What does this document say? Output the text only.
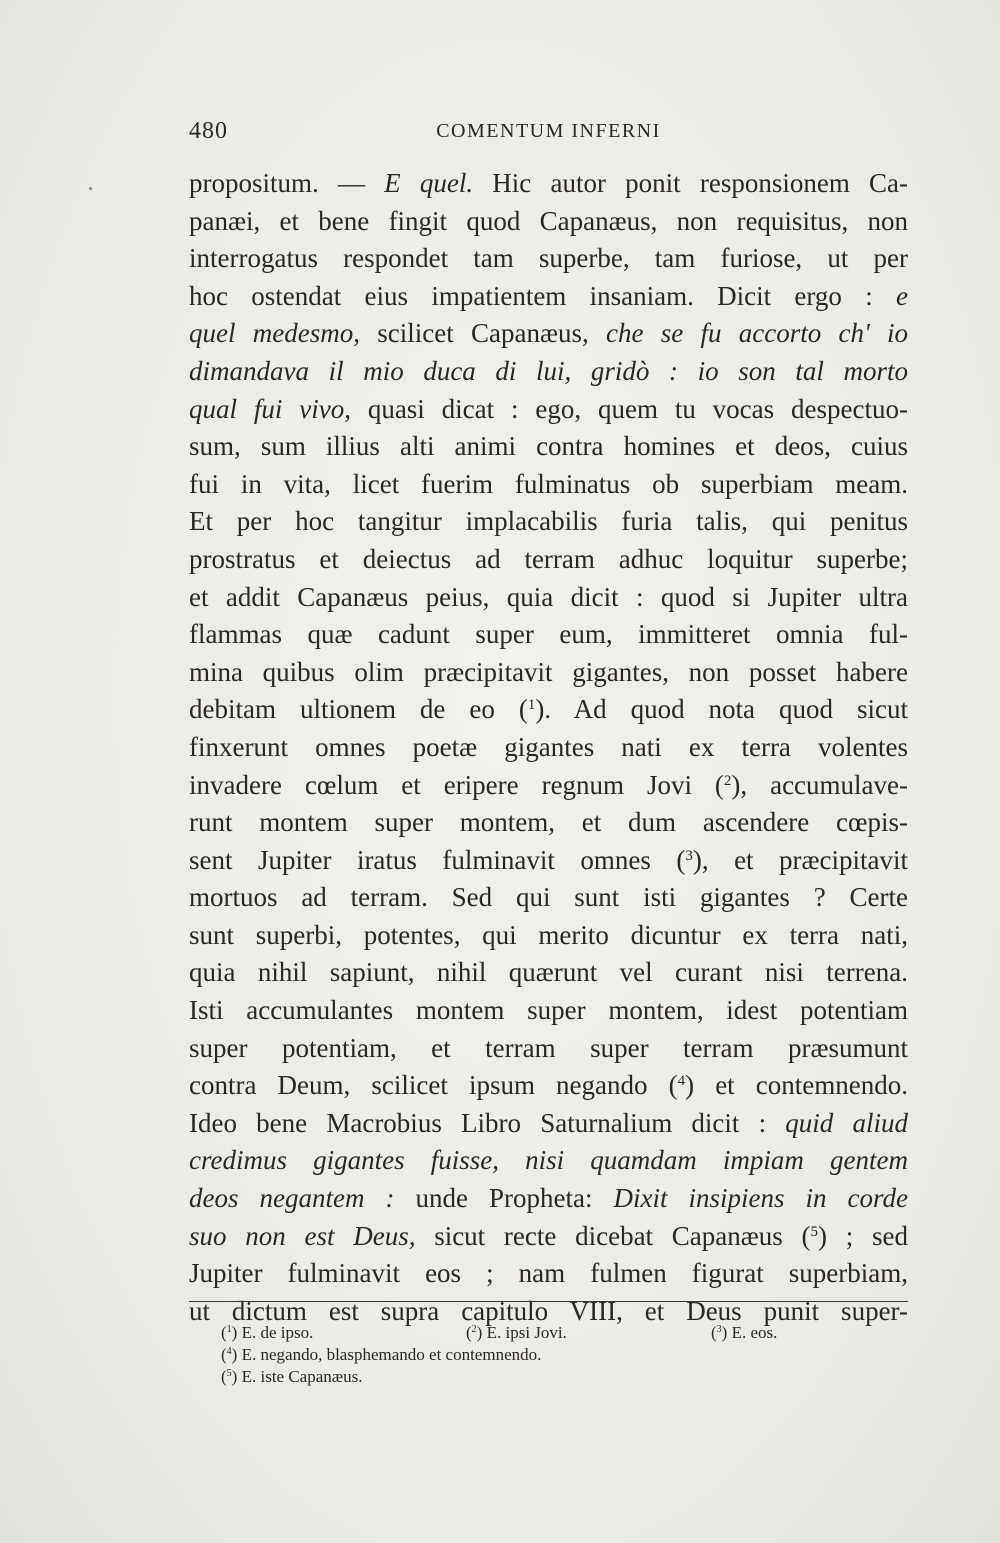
480	COMENTUM INFERNI
propositum. — E quel. Hic autor ponit responsionem Ca-
panæi, et bene fingit quod Capanæus, non requisitus, non
interrogatus respondet tam superbe, tam furiose, ut per
hoc ostendat eius impatientem insaniam. Dicit ergo : e
quel medesmo, scilicet Capanæus, che se fu accorto ch' io
dimandava il mio duca di lui, gridò : io son tal morto
qual fui vivo, quasi dicat : ego, quem tu vocas despectuo-
sum, sum illius alti animi contra homines et deos, cuius
fui in vita, licet fuerim fulminatus ob superbiam meam.
Et per hoc tangitur implacabilis furia talis, qui penitus
prostratus et deiectus ad terram adhuc loquitur superbe;
et addit Capanæus peius, quia dicit : quod si Jupiter ultra
flammas quæ cadunt super eum, immitteret omnia ful-
mina quibus olim præcipitavit gigantes, non posset habere
debitam ultionem de eo ($^1$). Ad quod nota quod sicut
finxerunt omnes poetæ gigantes nati ex terra volentes
invadere cœlum et eripere regnum Jovi ($^2$), accumulave-
runt montem super montem, et dum ascendere cœpis-
sent Jupiter iratus fulminavit omnes ($^3$), et præcipitavit
mortuos ad terram. Sed qui sunt isti gigantes ? Certe
sunt superbi, potentes, qui merito dicuntur ex terra nati,
quia nihil sapiunt, nihil quærunt vel curant nisi terrena.
Isti accumulantes montem super montem, idest potentiam
super potentiam, et terram super terram præsumunt
contra Deum, scilicet ipsum negando ($^4$) et contemnendo.
Ideo bene Macrobius Libro Saturnalium dicit : quid aliud
credimus gigantes fuisse, nisi quamdam impiam gentem
deos negantem : unde Propheta: Dixit insipiens in corde
suo non est Deus, sicut recte dicebat Capanæus ($^5$) ; sed
Jupiter fulminavit eos ; nam fulmen figurat superbiam,
ut dictum est supra capitulo VIII, et Deus punit super-
($^1$) E. de ipso.	($^2$) E. ipsi Jovi.	($^3$) E. eos.
($^4$) E. negando, blasphemando et contemnendo.
($^5$) E. iste Capanæus.
